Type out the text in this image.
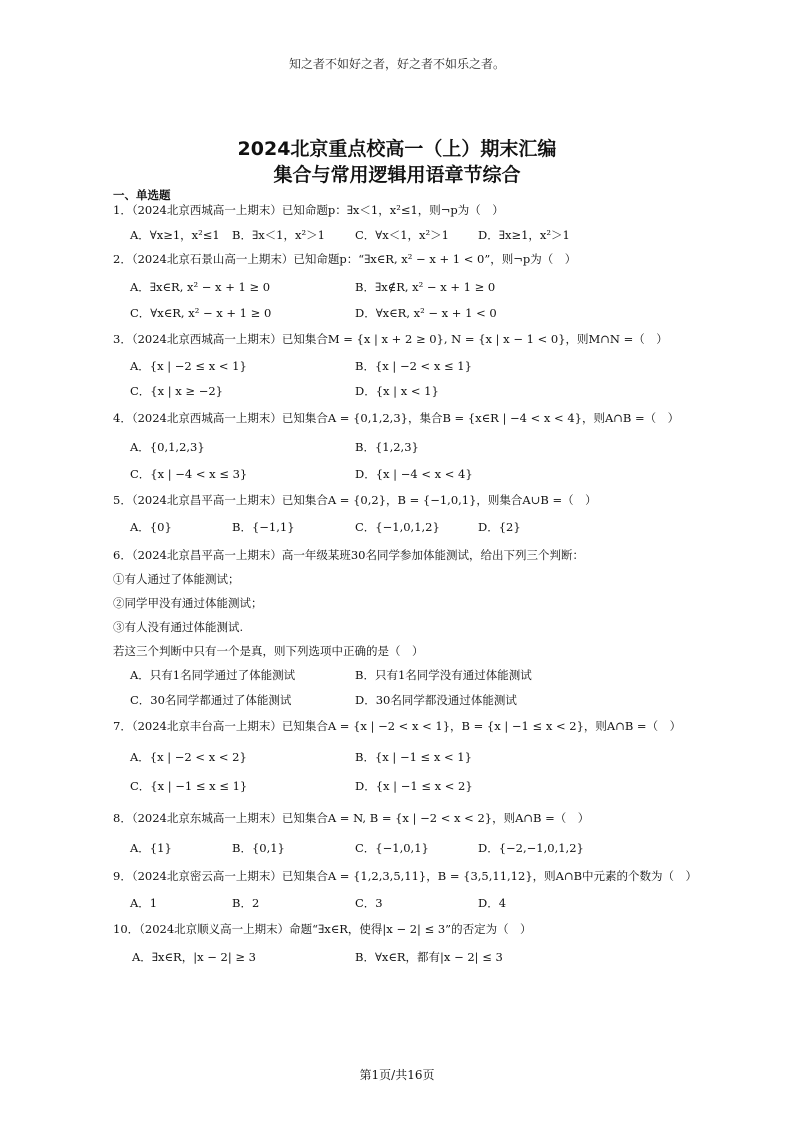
知之者不如好之者，好之者不如乐之者。
2024北京重点校高一（上）期末汇编
集合与常用逻辑用语章节综合
一、单选题
1．（2024北京西城高一上期末）已知命题p：∃x＜1，x²≤1，则¬p为（　）
A．∀x≥1，x²≤1 B．∃x＜1，x²＞1	C．∀x＜1，x²＞1	D．∃x≥1，x²＞1
2．（2024北京石景山高一上期末）已知命题p：“∃x∈R, x² − x + 1 < 0”，则¬p为（　）
A．∃x∈R, x² − x + 1 ≥ 0	B．∃x∉R, x² − x + 1 ≥ 0
C．∀x∈R, x² − x + 1 ≥ 0	D．∀x∈R, x² − x + 1 < 0
3．（2024北京西城高一上期末）已知集合M = {x | x + 2 ≥ 0}, N = {x | x − 1 < 0}，则M∩N =（　）
A．{x | −2 ≤ x < 1}	B．{x | −2 < x ≤ 1}
C．{x | x ≥ −2}	D．{x | x < 1}
4．（2024北京西城高一上期末）已知集合A = {0,1,2,3}，集合B = {x∈R | −4 < x < 4}，则A∩B =（　）
A．{0,1,2,3}	B．{1,2,3}
C．{x | −4 < x ≤ 3}	D．{x | −4 < x < 4}
5．（2024北京昌平高一上期末）已知集合A = {0,2}，B = {−1,0,1}，则集合A∪B =（　）
A．{0}	B．{−1,1}	C．{−1,0,1,2}	D．{2}
6．（2024北京昌平高一上期末）高一年级某班30名同学参加体能测试，给出下列三个判断：
①有人通过了体能测试；
②同学甲没有通过体能测试；
③有人没有通过体能测试.
若这三个判断中只有一个是真，则下列选项中正确的是（　）
A．只有1名同学通过了体能测试	B．只有1名同学没有通过体能测试
C．30名同学都通过了体能测试	D．30名同学都没通过体能测试
7．（2024北京丰台高一上期末）已知集合A = {x | −2 < x < 1}，B = {x | −1 ≤ x < 2}，则A∩B =（　）
A．{x | −2 < x < 2}	B．{x | −1 ≤ x < 1}
C．{x | −1 ≤ x ≤ 1}	D．{x | −1 ≤ x < 2}
8．（2024北京东城高一上期末）已知集合A = N, B = {x | −2 < x < 2}，则A∩B =（　）
A．{1}	B．{0,1}	C．{−1,0,1}	D．{−2,−1,0,1,2}
9．（2024北京密云高一上期末）已知集合A = {1,2,3,5,11}，B = {3,5,11,12}，则A∩B中元素的个数为（　）
A．1	B．2	C．3	D．4
10．（2024北京顺义高一上期末）命题“∃x∈R，使得|x − 2| ≤ 3”的否定为（　）
A．∃x∈R，|x − 2| ≥ 3	B．∀x∈R，都有|x − 2| ≤ 3
第1页/共16页
